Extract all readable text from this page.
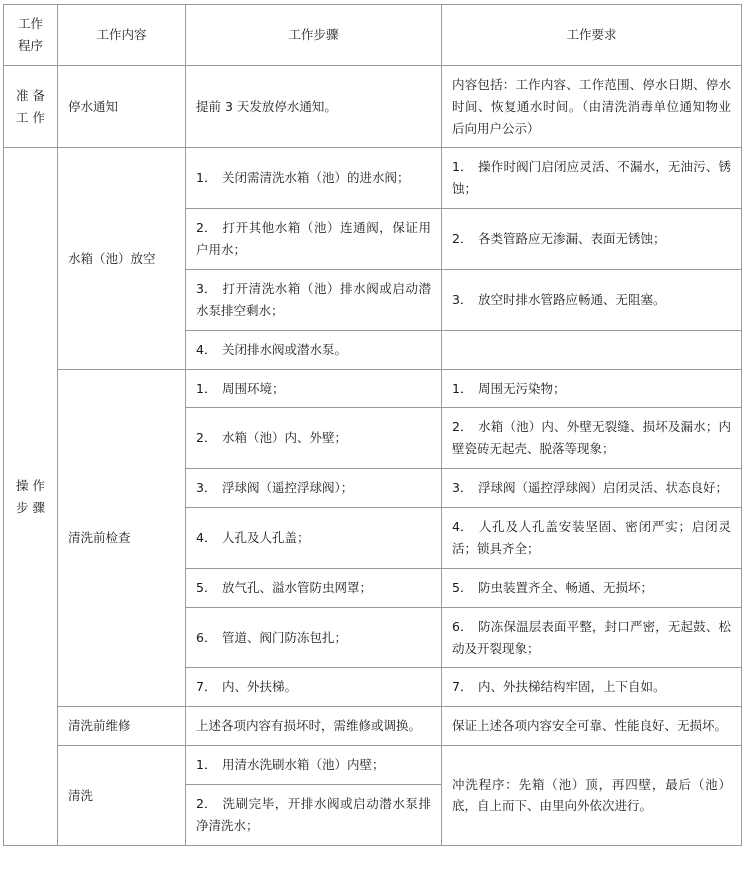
工作
程序	工作内容	工作步骤	工作要求

准 备
工 作	停水通知	提前 3 天发放停水通知。	内容包括：工作内容、工作范围、停水日期、停水时间、恢复通水时间。（由清洗消毒单位通知物业后向用户公示）

操 作
步 骤	水箱（池）放空	1． 关闭需清洗水箱（池）的进水阀；	1． 操作时阀门启闭应灵活、不漏水，无油污、锈蚀；

		2． 打开其他水箱（池）连通阀，保证用户用水；	2． 各类管路应无渗漏、表面无锈蚀；

		3． 打开清洗水箱（池）排水阀或启动潜水泵排空剩水；	3． 放空时排水管路应畅通、无阻塞。

		4． 关闭排水阀或潜水泵。	

	清洗前检查	1． 周围环境；	1． 周围无污染物；

		2． 水箱（池）内、外壁；	2． 水箱（池）内、外壁无裂缝、损坏及漏水；内壁瓷砖无起壳、脱落等现象；

		3． 浮球阀（遥控浮球阀）；	3． 浮球阀（遥控浮球阀）启闭灵活、状态良好；

		4． 人孔及人孔盖；	4． 人孔及人孔盖安装坚固、密闭严实；启闭灵活；锁具齐全；

		5． 放气孔、溢水管防虫网罩；	5． 防虫装置齐全、畅通、无损坏；

		6． 管道、阀门防冻包扎；	6． 防冻保温层表面平整，封口严密，无起鼓、松动及开裂现象；

		7． 内、外扶梯。	7． 内、外扶梯结构牢固，上下自如。

	清洗前维修	上述各项内容有损坏时，需维修或调换。	保证上述各项内容安全可靠、性能良好、无损坏。
	清洗	1． 用清水洗刷水箱（池）内壁；	冲洗程序：先箱（池）顶，再四壁，最后（池）底，自上而下、由里向外依次进行。

		2． 洗刷完毕，开排水阀或启动潜水泵排净清洗水；	
